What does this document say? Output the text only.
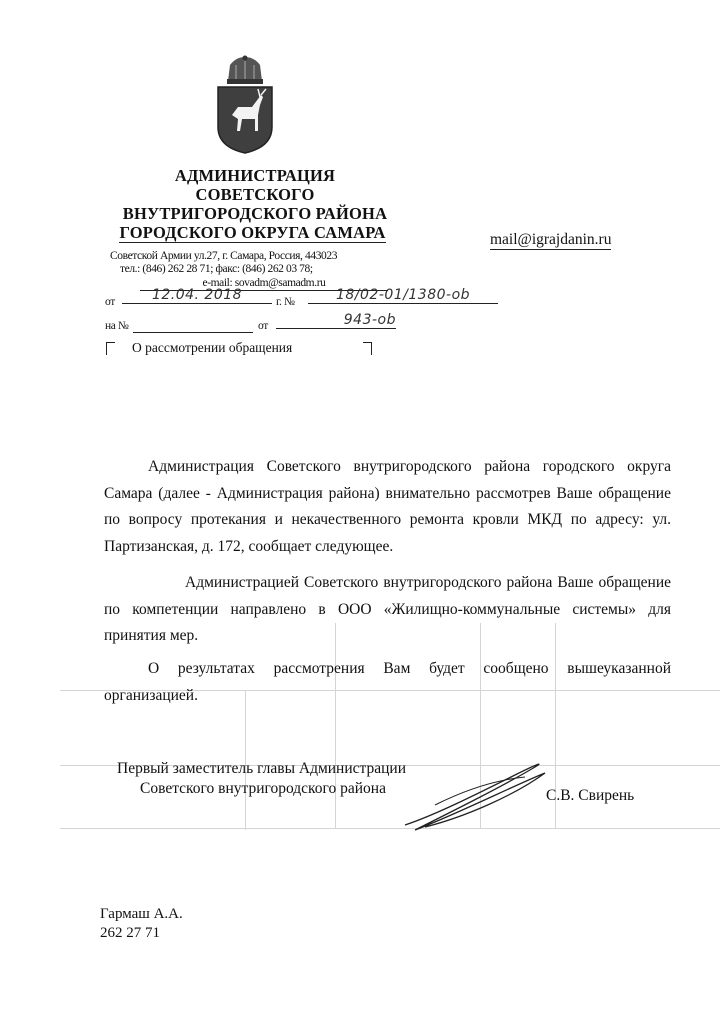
АДМИНИСТРАЦИЯ
СОВЕТСКОГО
ВНУТРИГОРОДСКОГО РАЙОНА
ГОРОДСКОГО ОКРУГА САМАРА	mail@igrajdanin.ru
Советской Армии ул.27, г. Самара, Россия, 443023
тел.: (846) 262 28 71; факс: (846) 262 03 78;
e-mail: sovadm@samadm.ru
от	12.04. 2018	г. №	18/02-01/1380-ob
на №	от	943-ob
О рассмотрении обращения
Администрация Советского внутригородского района городского округа Самара (далее - Администрация района) внимательно рассмотрев Ваше обращение по вопросу протекания и некачественного ремонта кровли МКД по адресу: ул. Партизанская, д. 172, сообщает следующее.
Администрацией Советского внутригородского района Ваше обращение по компетенции направлено в ООО «Жилищно-коммунальные системы» для принятия мер.
О результатах рассмотрения Вам будет сообщено вышеуказанной организацией.
Первый заместитель главы Администрации
Советского внутригородского района	С.В. Свирень
Гармаш А.А.
262 27 71
